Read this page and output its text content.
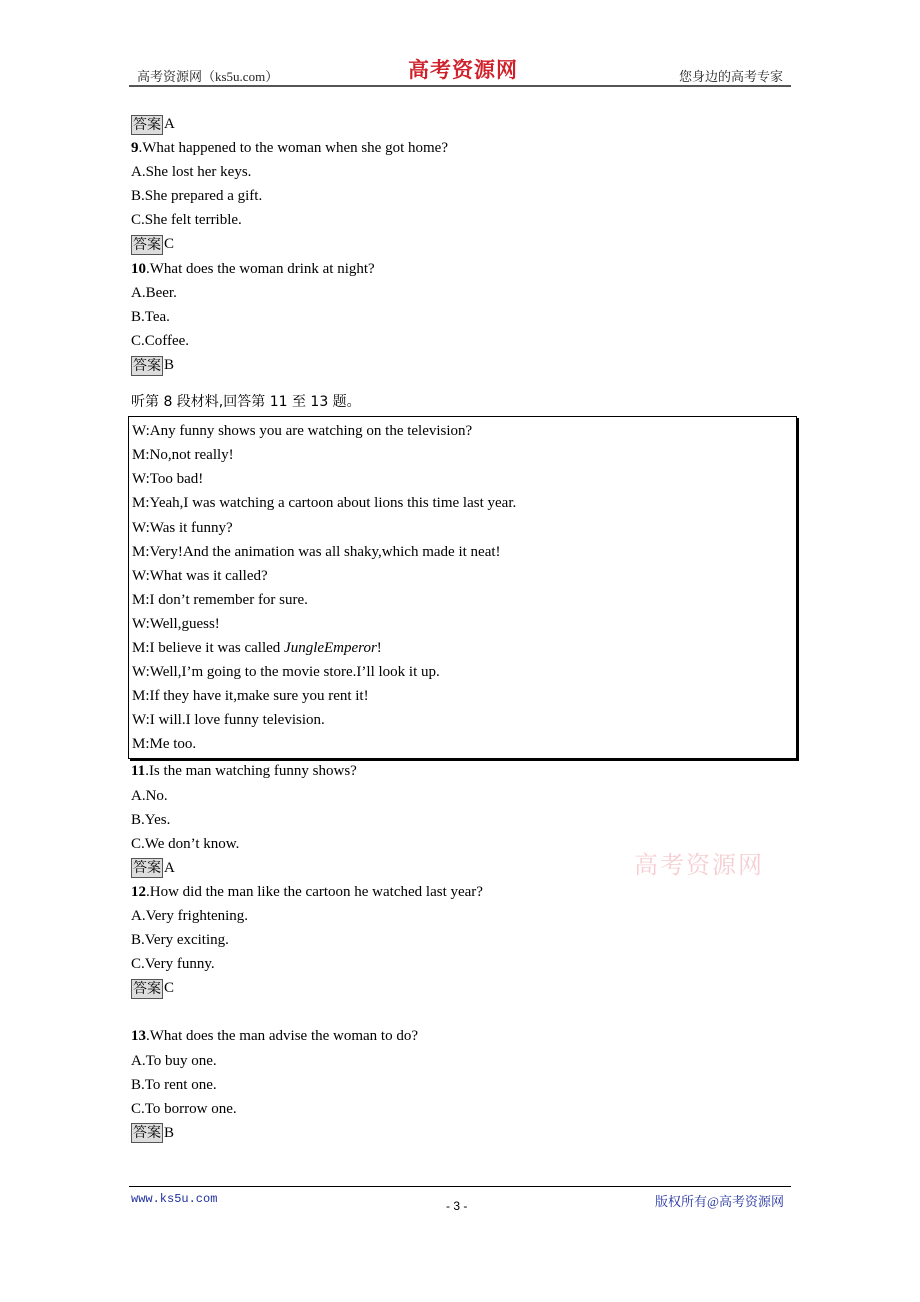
高考资源网（ks5u.com）	高考资源网	您身边的高考专家
答案 A
9.What happened to the woman when she got home?
A.She lost her keys.
B.She prepared a gift.
C.She felt terrible.
答案 C
10.What does the woman drink at night?
A.Beer.
B.Tea.
C.Coffee.
答案 B
听第 8 段材料,回答第 11 至 13 题。
W:Any funny shows you are watching on the television?
M:No,not really!
W:Too bad!
M:Yeah,I was watching a cartoon about lions this time last year.
W:Was it funny?
M:Very!And the animation was all shaky,which made it neat!
W:What was it called?
M:I don’t remember for sure.
W:Well,guess!
M:I believe it was called JungleEmperor!
W:Well,I’m going to the movie store.I’ll look it up.
M:If they have it,make sure you rent it!
W:I will.I love funny television.
M:Me too.
11.Is the man watching funny shows?
A.No.
B.Yes.
C.We don’t know.
答案 A
12.How did the man like the cartoon he watched last year?
A.Very frightening.
B.Very exciting.
C.Very funny.
答案 C
13.What does the man advise the woman to do?
A.To buy one.
B.To rent one.
C.To borrow one.
答案 B
高考资源网
www.ks5u.com	- 3 -	版权所有@高考资源网
